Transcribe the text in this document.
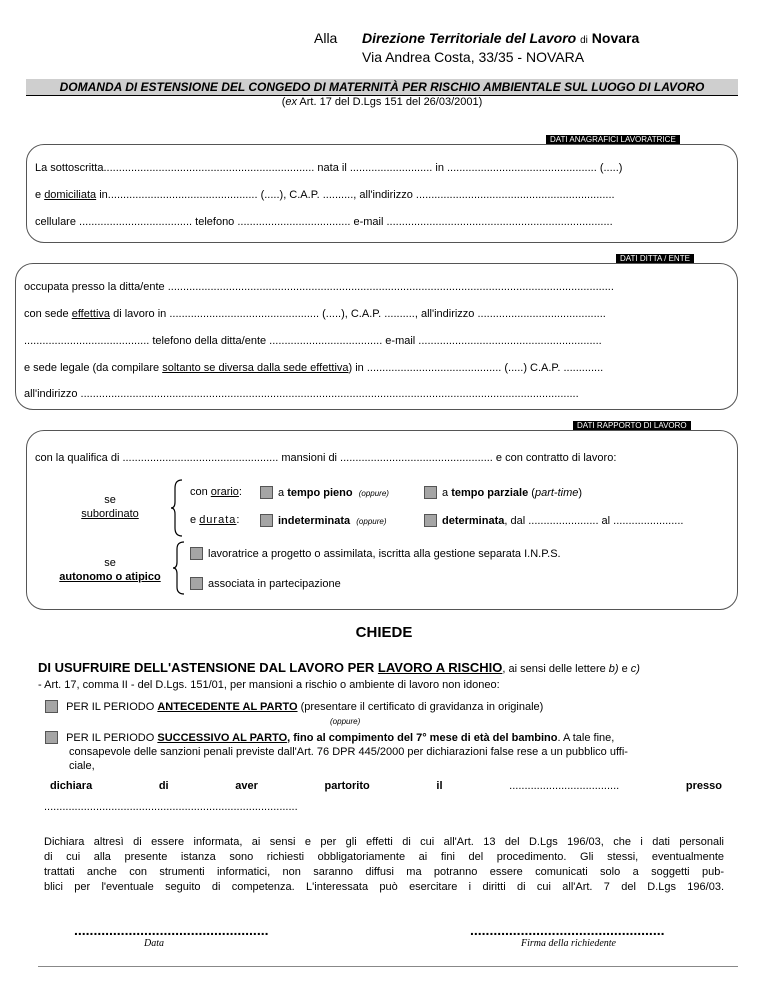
Alla Direzione Territoriale del Lavoro di Novara
Via Andrea Costa, 33/35 - NOVARA
DOMANDA DI ESTENSIONE DEL CONGEDO DI MATERNITÀ PER RISCHIO AMBIENTALE SUL LUOGO DI LAVORO
(ex Art. 17 del D.Lgs 151 del 26/03/2001)
DATI ANAGRAFICI LAVORATRICE
La sottoscritta..................................................................... nata il ........................... in ................................................. (.....)
e domiciliata in................................................. (.....), C.A.P. .........., all'indirizzo .................................................................
cellulare ..................................... telefono ..................................... e-mail ..........................................................................
DATI DITTA / ENTE
occupata presso la ditta/ente ..................................................................................................................................................
con sede effettiva di lavoro in ................................................. (.....), C.A.P. .........., all'indirizzo ..........................................
......................................... telefono della ditta/ente ..................................... e-mail ............................................................
e sede legale (da compilare soltanto se diversa dalla sede effettiva) in ............................................ (.....) C.A.P. .............
all'indirizzo ...................................................................................................................................................................
DATI RAPPORTO DI LAVORO
con la qualifica di ................................................... mansioni di .................................................. e con contratto di lavoro:
se
subordinato
con orario:	a tempo pieno (oppure)	a tempo parziale (part-time)
e durata:	indeterminata (oppure)	determinata, dal ....................... al .......................
se
autonomo o atipico
lavoratrice a progetto o assimilata, iscritta alla gestione separata I.N.P.S.
associata in partecipazione
CHIEDE
DI USUFRUIRE DELL'ASTENSIONE DAL LAVORO PER LAVORO A RISCHIO, ai sensi delle lettere b) e c)
- Art. 17, comma II - del D.Lgs. 151/01, per mansioni a rischio o ambiente di lavoro non idoneo:
PER IL PERIODO ANTECEDENTE AL PARTO (presentare il certificato di gravidanza in originale)
(oppure)
PER IL PERIODO SUCCESSIVO AL PARTO, fino al compimento del 7° mese di età del bambino. A tale fine,
consapevole delle sanzioni penali previste dall'Art. 76 DPR 445/2000 per dichiarazioni false rese a un pubblico uffi-
ciale,
dichiara	di	aver	partorito	il	....................................	presso
...................................................................................
Dichiara altresì di essere informata, ai sensi e per gli effetti di cui all'Art. 13 del D.Lgs 196/03, che i dati personali
di cui alla presente istanza sono richiesti obbligatoriamente ai fini del procedimento. Gli stessi, eventualmente
trattati anche con strumenti informatici, non saranno diffusi ma potranno essere comunicati solo a soggetti pub-
blici per l'eventuale seguito di competenza. L'interessata può esercitare i diritti di cui all'Art. 7 del D.Lgs 196/03.
..................................................
Data
..................................................
Firma della richiedente
